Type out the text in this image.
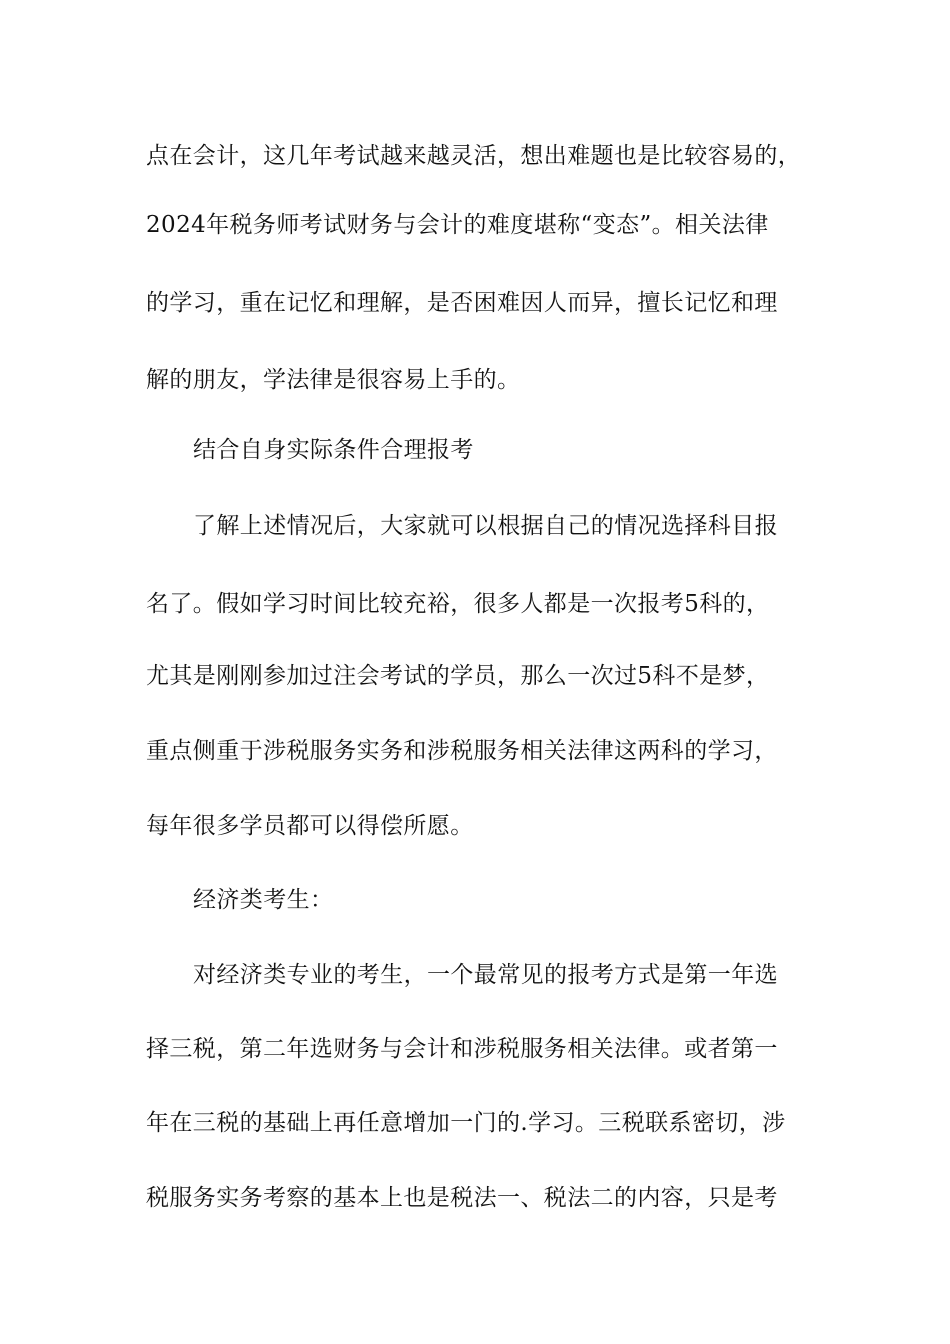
点在会计，这几年考试越来越灵活，想出难题也是比较容易的，
2024年税务师考试财务与会计的难度堪称“变态”。相关法律
的学习，重在记忆和理解，是否困难因人而异，擅长记忆和理
解的朋友，学法律是很容易上手的。
结合自身实际条件合理报考
了解上述情况后，大家就可以根据自己的情况选择科目报
名了。假如学习时间比较充裕，很多人都是一次报考5科的，
尤其是刚刚参加过注会考试的学员，那么一次过5科不是梦，
重点侧重于涉税服务实务和涉税服务相关法律这两科的学习，
每年很多学员都可以得偿所愿。
经济类考生：
对经济类专业的考生，一个最常见的报考方式是第一年选
择三税，第二年选财务与会计和涉税服务相关法律。或者第一
年在三税的基础上再任意增加一门的.学习。三税联系密切，涉
税服务实务考察的基本上也是税法一、税法二的内容，只是考
